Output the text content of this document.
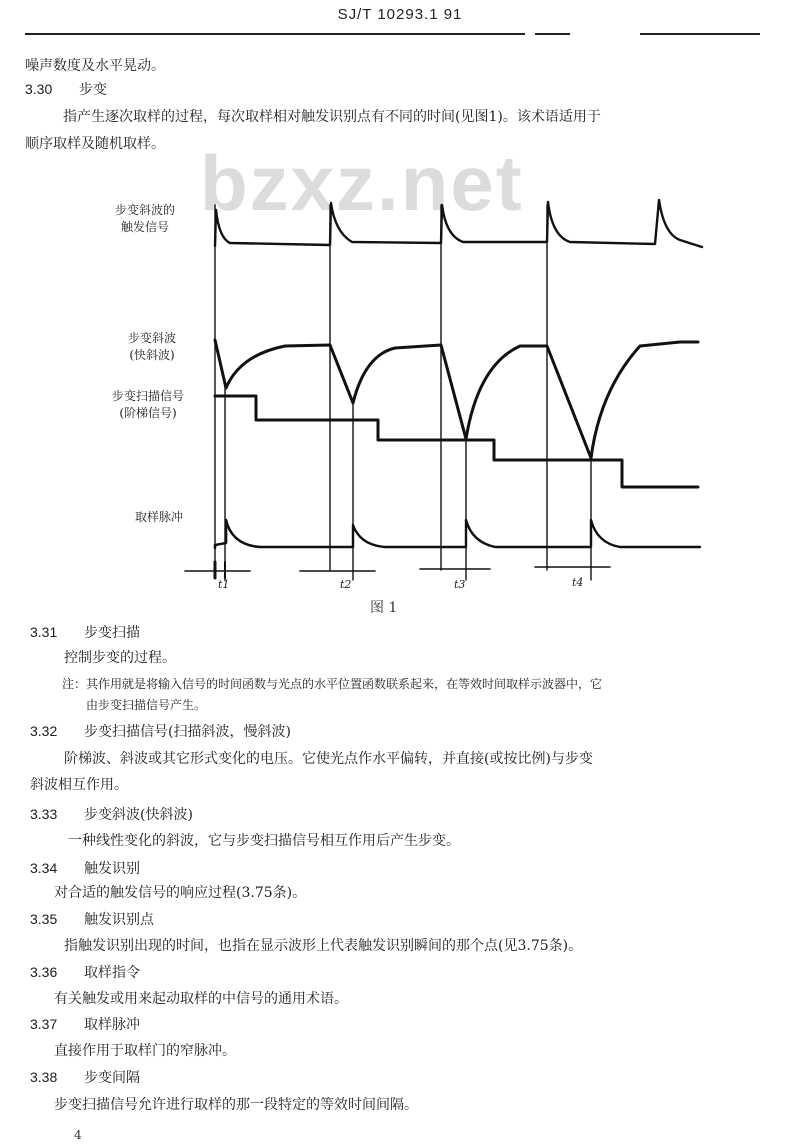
SJ/T 10293.1 91
噪声数度及水平晃动。
3.30 步变
指产生逐次取样的过程，每次取样相对触发识别点有不同的时间(见图1)。该术语适用于
顺序取样及随机取样。 bzxz.net
步变斜波的
触发信号
步变斜波
(快斜波)
步变扫描信号
(阶梯信号)
取样脉冲
t1	t2	t3	t4
图 1
3.31 步变扫描
控制步变的过程。
注：其作用就是将输入信号的时间函数与光点的水平位置函数联系起来，在等效时间取样示波器中，它
由步变扫描信号产生。
3.32 步变扫描信号(扫描斜波，慢斜波)
阶梯波、斜波或其它形式变化的电压。它使光点作水平偏转，并直接(或按比例)与步变
斜波相互作用。
3.33 步变斜波(快斜波)
一种线性变化的斜波，它与步变扫描信号相互作用后产生步变。
3.34 触发识别
对合适的触发信号的响应过程(3.75条)。
3.35 触发识别点
指触发识别出现的时间，也指在显示波形上代表触发识别瞬间的那个点(见3.75条)。
3.36 取样指令
有关触发或用来起动取样的中信号的通用术语。
3.37 取样脉冲
直接作用于取样门的窄脉冲。
3.38 步变间隔
步变扫描信号允许进行取样的那一段特定的等效时间间隔。
4
